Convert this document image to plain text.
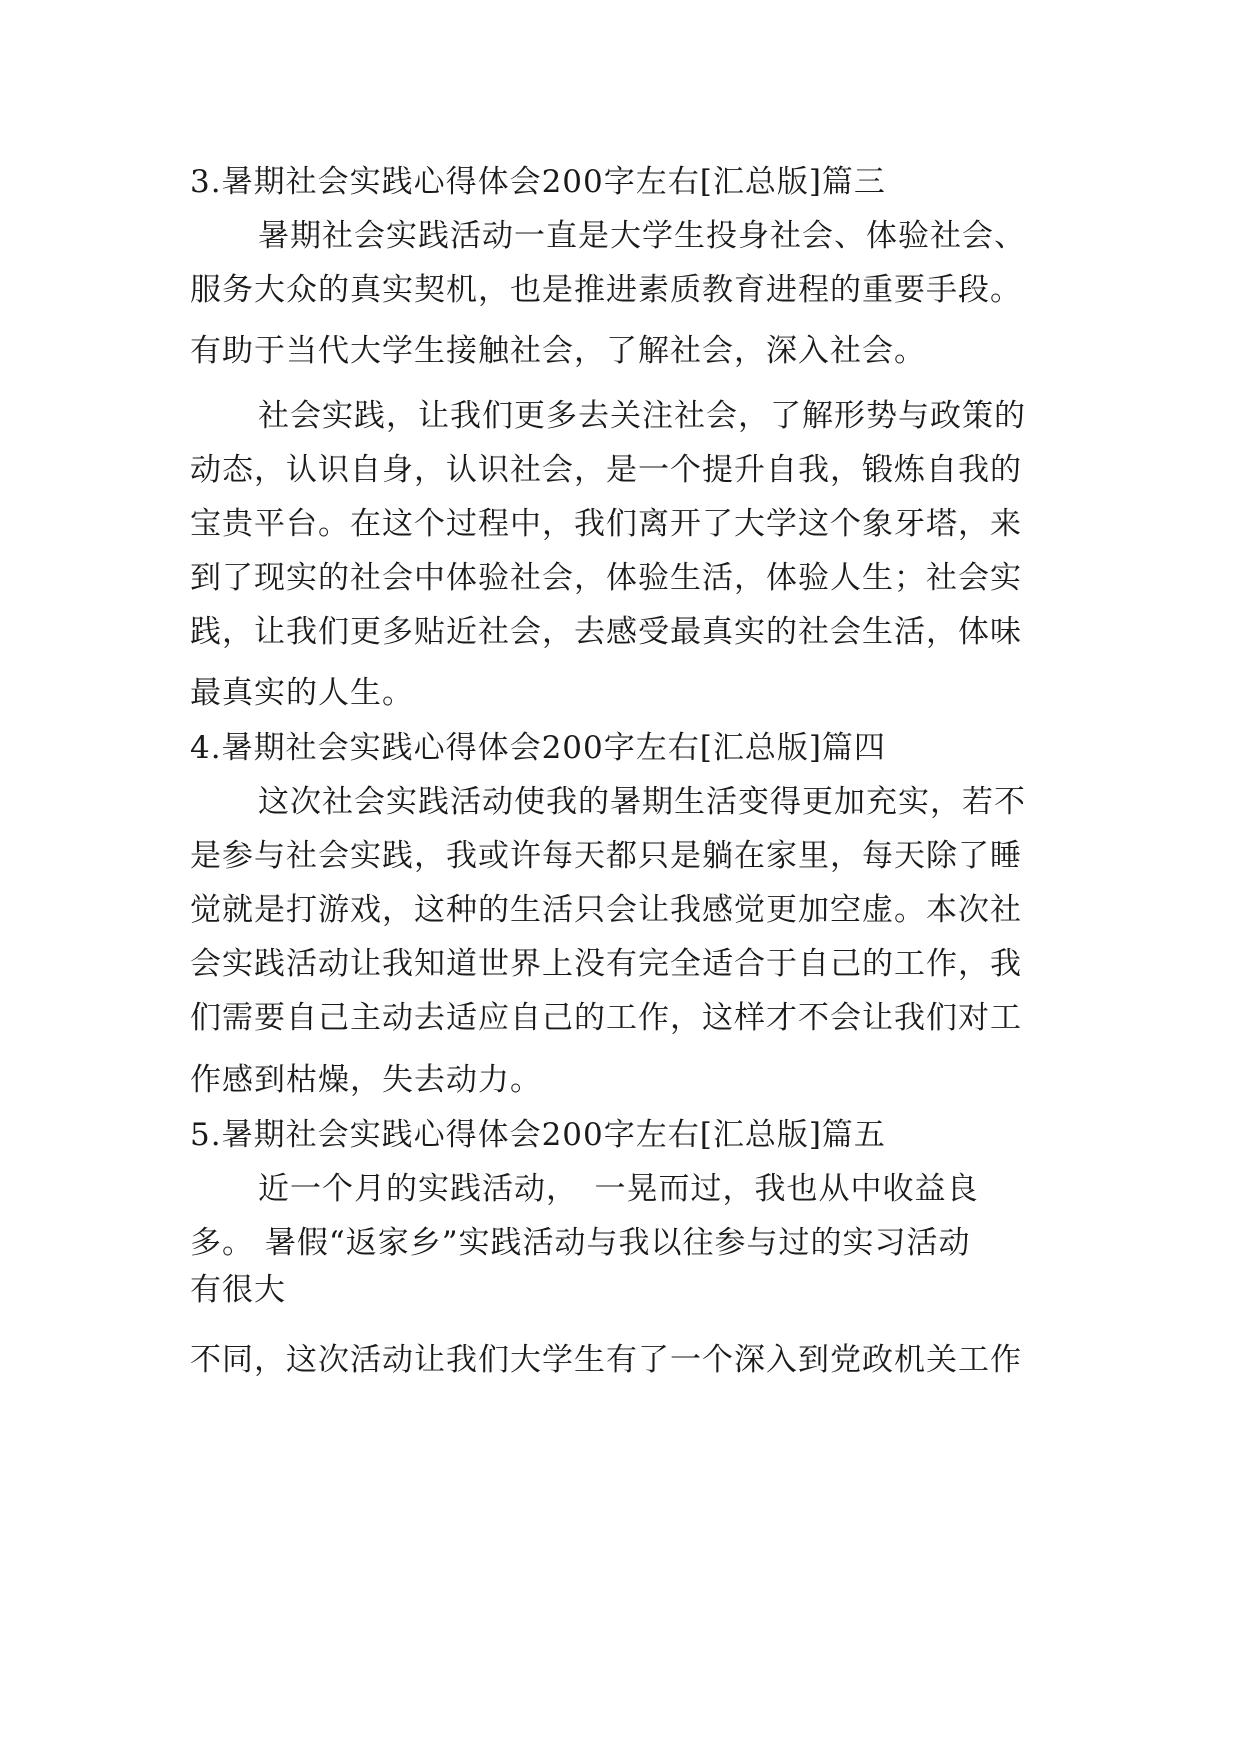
3.暑期社会实践心得体会200字左右[汇总版]篇三
暑期社会实践活动一直是大学生投身社会、体验社会、
服务大众的真实契机，也是推进素质教育进程的重要手段。
有助于当代大学生接触社会，了解社会，深入社会。
社会实践，让我们更多去关注社会，了解形势与政策的
动态，认识自身，认识社会，是一个提升自我，锻炼自我的
宝贵平台。在这个过程中，我们离开了大学这个象牙塔，来
到了现实的社会中体验社会，体验生活，体验人生；社会实
践，让我们更多贴近社会，去感受最真实的社会生活，体味
最真实的人生。
4.暑期社会实践心得体会200字左右[汇总版]篇四
这次社会实践活动使我的暑期生活变得更加充实，若不
是参与社会实践，我或许每天都只是躺在家里，每天除了睡
觉就是打游戏，这种的生活只会让我感觉更加空虚。本次社
会实践活动让我知道世界上没有完全适合于自己的工作，我
们需要自己主动去适应自己的工作，这样才不会让我们对工
作感到枯燥，失去动力。
5.暑期社会实践心得体会200字左右[汇总版]篇五
近一个月的实践活动，　一晃而过，我也从中收益良
多。 暑假“返家乡”实践活动与我以往参与过的实习活动
有很大
不同，这次活动让我们大学生有了一个深入到党政机关工作
